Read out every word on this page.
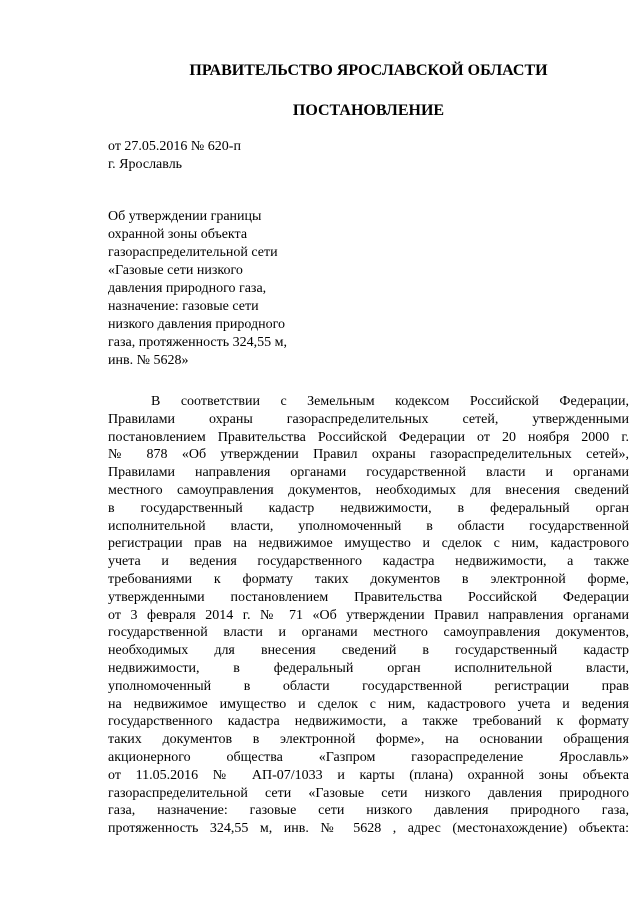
ПРАВИТЕЛЬСТВО ЯРОСЛАВСКОЙ ОБЛАСТИ
ПОСТАНОВЛЕНИЕ
от 27.05.2016 № 620-п
г. Ярославль
Об утверждении границы
охранной зоны объекта
газораспределительной сети
«Газовые сети низкого
давления природного газа,
назначение: газовые сети
низкого давления природного
газа, протяженность 324,55 м,
инв. № 5628»
В соответствии с Земельным кодексом Российской Федерации,
Правилами охраны газораспределительных сетей, утвержденными
постановлением Правительства Российской Федерации от 20 ноября 2000 г.
№ 878 «Об утверждении Правил охраны газораспределительных сетей»,
Правилами направления органами государственной власти и органами
местного самоуправления документов, необходимых для внесения сведений
в государственный кадастр недвижимости, в федеральный орган
исполнительной власти, уполномоченный в области государственной
регистрации прав на недвижимое имущество и сделок с ним, кадастрового
учета и ведения государственного кадастра недвижимости, а также
требованиями к формату таких документов в электронной форме,
утвержденными постановлением Правительства Российской Федерации
от 3 февраля 2014 г. № 71 «Об утверждении Правил направления органами
государственной власти и органами местного самоуправления документов,
необходимых для внесения сведений в государственный кадастр
недвижимости, в федеральный орган исполнительной власти,
уполномоченный в области государственной регистрации прав
на недвижимое имущество и сделок с ним, кадастрового учета и ведения
государственного кадастра недвижимости, а также требований к формату
таких документов в электронной форме», на основании обращения
акционерного общества «Газпром газораспределение Ярославль»
от 11.05.2016 № АП-07/1033 и карты (плана) охранной зоны объекта
газораспределительной сети «Газовые сети низкого давления природного
газа, назначение: газовые сети низкого давления природного газа,
протяженность 324,55 м, инв. № 5628 , адрес (местонахождение) объекта:
